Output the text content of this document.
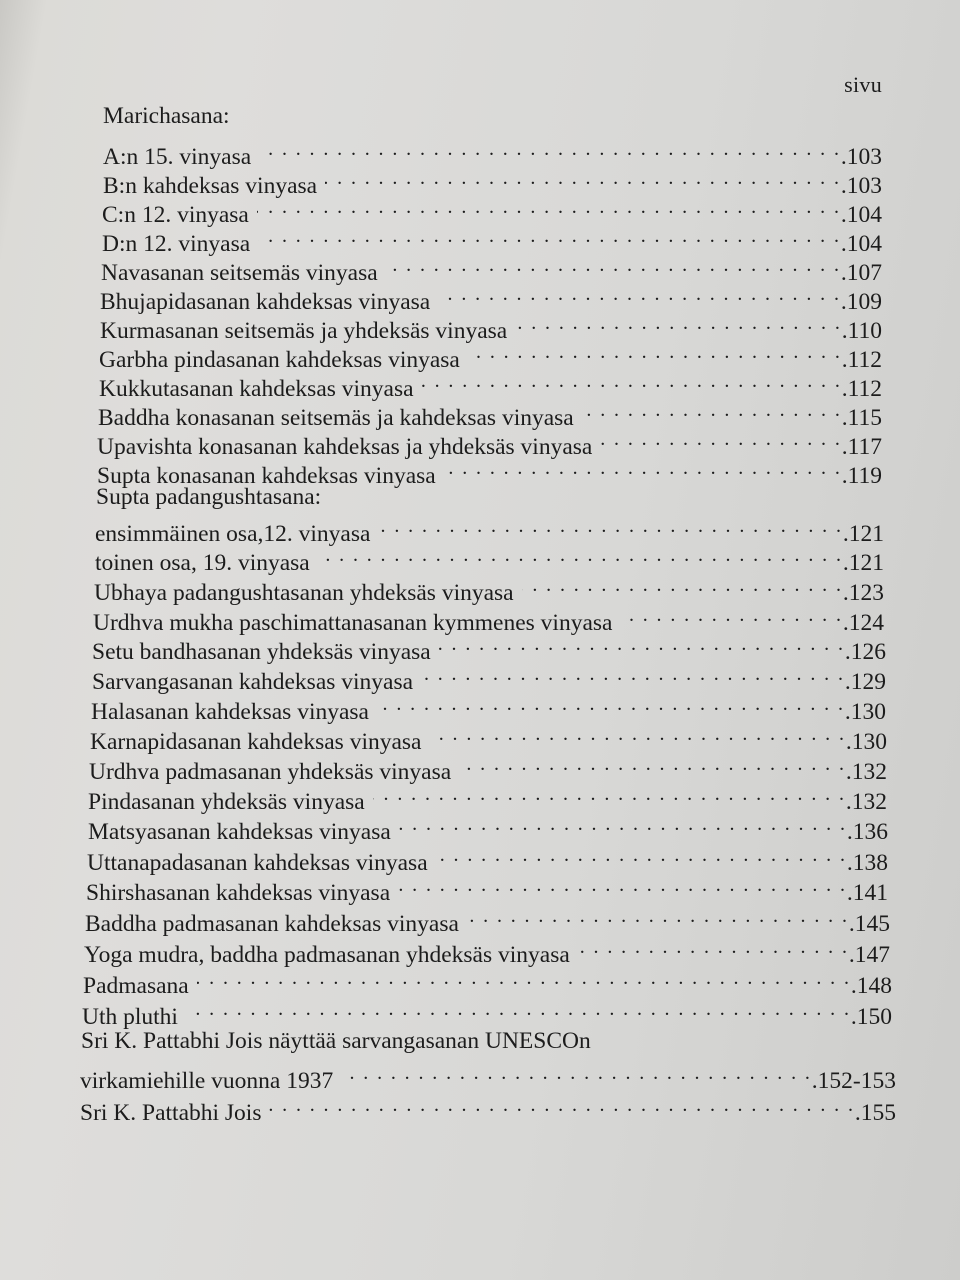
sivu
Marichasana:
A:n 15. vinyasa . . .	.103
B:n kahdeksas vinyasa . . .	.103
C:n 12. vinyasa . . .	.104
D:n 12. vinyasa . . .	.104
Navasanan seitsemäs vinyasa . . .	.107
Bhujapidasanan kahdeksas vinyasa . . .	.109
Kurmasanan seitsemäs ja yhdeksäs vinyasa . . .	.110
Garbha pindasanan kahdeksas vinyasa . . .	.112
Kukkutasanan kahdeksas vinyasa . . .	.112
Baddha konasanan seitsemäs ja kahdeksas vinyasa . . .	.115
Upavishta konasanan kahdeksas ja yhdeksäs vinyasa . . .	.117
Supta konasanan kahdeksas vinyasa . . .	.119
Supta padangushtasana:
ensimmäinen osa,12. vinyasa . . .	.121
toinen osa, 19. vinyasa . . .	.121
Ubhaya padangushtasanan yhdeksäs vinyasa . . .	.123
Urdhva mukha paschimattanasanan kymmenes vinyasa . . .	.124
Setu bandhasanan yhdeksäs vinyasa . . .	.126
Sarvangasanan kahdeksas vinyasa . . .	.129
Halasanan kahdeksas vinyasa . . .	.130
Karnapidasanan kahdeksas vinyasa . . .	.130
Urdhva padmasanan yhdeksäs vinyasa . . .	.132
Pindasanan yhdeksäs vinyasa . . .	.132
Matsyasanan kahdeksas vinyasa . . .	.136
Uttanapadasanan kahdeksas vinyasa . . .	.138
Shirshasanan kahdeksas vinyasa . . .	.141
Baddha padmasanan kahdeksas vinyasa . . .	.145
Yoga mudra, baddha padmasanan yhdeksäs vinyasa . . .	.147
Padmasana . . .	.148
Uth pluthi . . .	.150
Sri K. Pattabhi Jois näyttää sarvangasanan UNESCOn
virkamiehille vuonna 1937 . . .	.152-153
Sri K. Pattabhi Jois . . .	.155
